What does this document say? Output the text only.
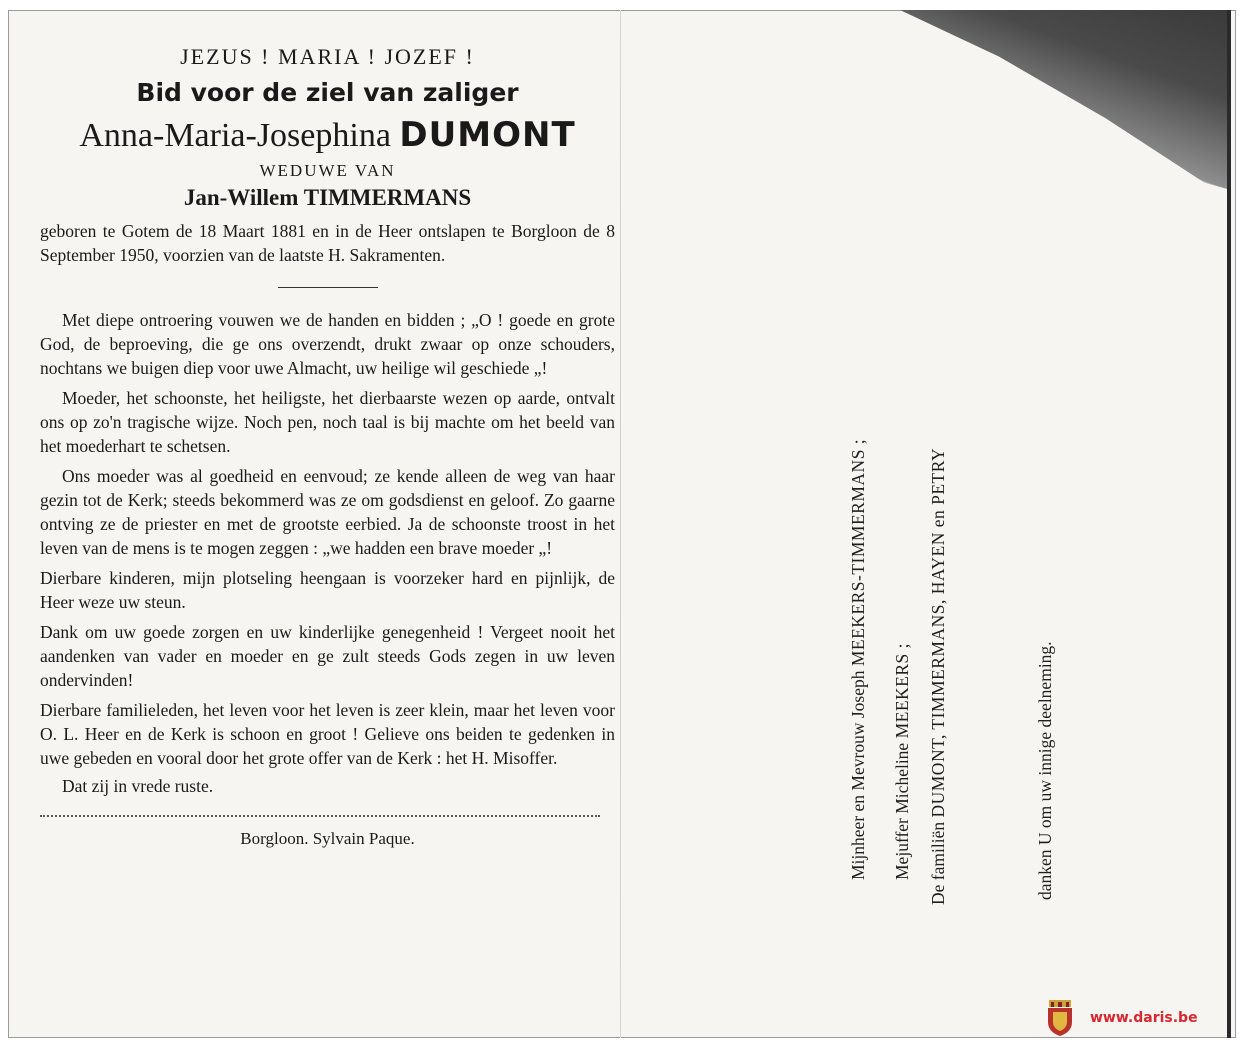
JEZUS ! MARIA ! JOZEF !
Bid voor de ziel van zaliger
Anna-Maria-Josephina DUMONT
WEDUWE VAN
Jan-Willem TIMMERMANS
geboren te Gotem de 18 Maart 1881 en in de Heer ontslapen te Borgloon de 8 September 1950, voorzien van de laatste H. Sakramenten.

Met diepe ontroering vouwen we de handen en bidden ; „O ! goede en grote God, de beproeving, die ge ons overzendt, drukt zwaar op onze schouders, nochtans we buigen diep voor uwe Almacht, uw heilige wil geschiede „!

Moeder, het schoonste, het heiligste, het dierbaarste wezen op aarde, ontvalt ons op zo'n tragische wijze. Noch pen, noch taal is bij machte om het beeld van het moederhart te schetsen.

Ons moeder was al goedheid en eenvoud; ze kende alleen de weg van haar gezin tot de Kerk; steeds bekommerd was ze om godsdienst en geloof. Zo gaarne ontving ze de priester en met de grootste eerbied. Ja de schoonste troost in het leven van de mens is te mogen zeggen : „we hadden een brave moeder „!

Dierbare kinderen, mijn plotseling heengaan is voorzeker hard en pijnlijk, de Heer weze uw steun.

Dank om uw goede zorgen en uw kinderlijke genegenheid ! Vergeet nooit het aandenken van vader en moeder en ge zult steeds Gods zegen in uw leven ondervinden!

Dierbare familieleden, het leven voor het leven is zeer klein, maar het leven voor O. L. Heer en de Kerk is schoon en groot ! Gelieve ons beiden te gedenken in uwe gebeden en vooral door het grote offer van de Kerk : het H. Misoffer.

Dat zij in vrede ruste.
Borgloon. Sylvain Paque.	Mijnheer en Mevrouw Joseph MEEKERS-TIMMERMANS ;
Mejuffer Micheline MEEKERS ;
De familiën DUMONT, TIMMERMANS, HAYEN en PETRY	danken U om uw innige deelneming.
www.daris.be
